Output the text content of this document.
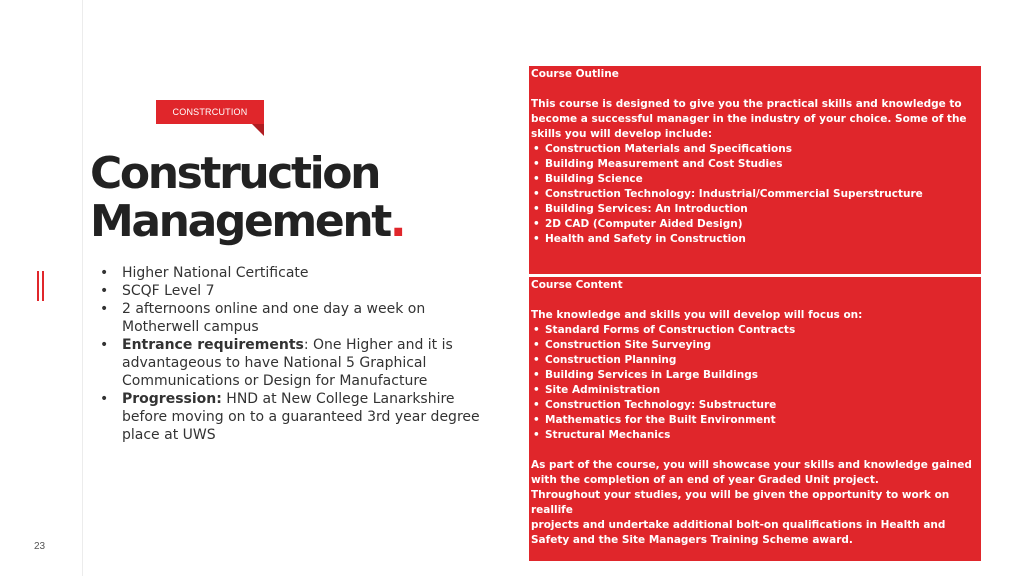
CONSTRCUTION
Construction
Management.
• Higher National Certificate
• SCQF Level 7
• 2 afternoons online and one day a week on Motherwell campus
• Entrance requirements: One Higher and it is advantageous to have National 5 Graphical Communications or Design for Manufacture
• Progression: HND at New College Lanarkshire before moving on to a guaranteed 3rd year degree place at UWS
Course Outline

This course is designed to give you the practical skills and knowledge to become a successful manager in the industry of your choice. Some of the skills you will develop include:

• Construction Materials and Specifications
• Building Measurement and Cost Studies
• Building Science
• Construction Technology: Industrial/Commercial Superstructure
• Building Services: An Introduction
• 2D CAD (Computer Aided Design)
• Health and Safety in Construction
Course Content

The knowledge and skills you will develop will focus on:

• Standard Forms of Construction Contracts
• Construction Site Surveying
• Construction Planning
• Building Services in Large Buildings
• Site Administration
• Construction Technology: Substructure
• Mathematics for the Built Environment
• Structural Mechanics

As part of the course, you will showcase your skills and knowledge gained with the completion of an end of year Graded Unit project.

Throughout your studies, you will be given the opportunity to work on reallife

projects and undertake additional bolt-on qualifications in Health and Safety and the Site Managers Training Scheme award.

23
